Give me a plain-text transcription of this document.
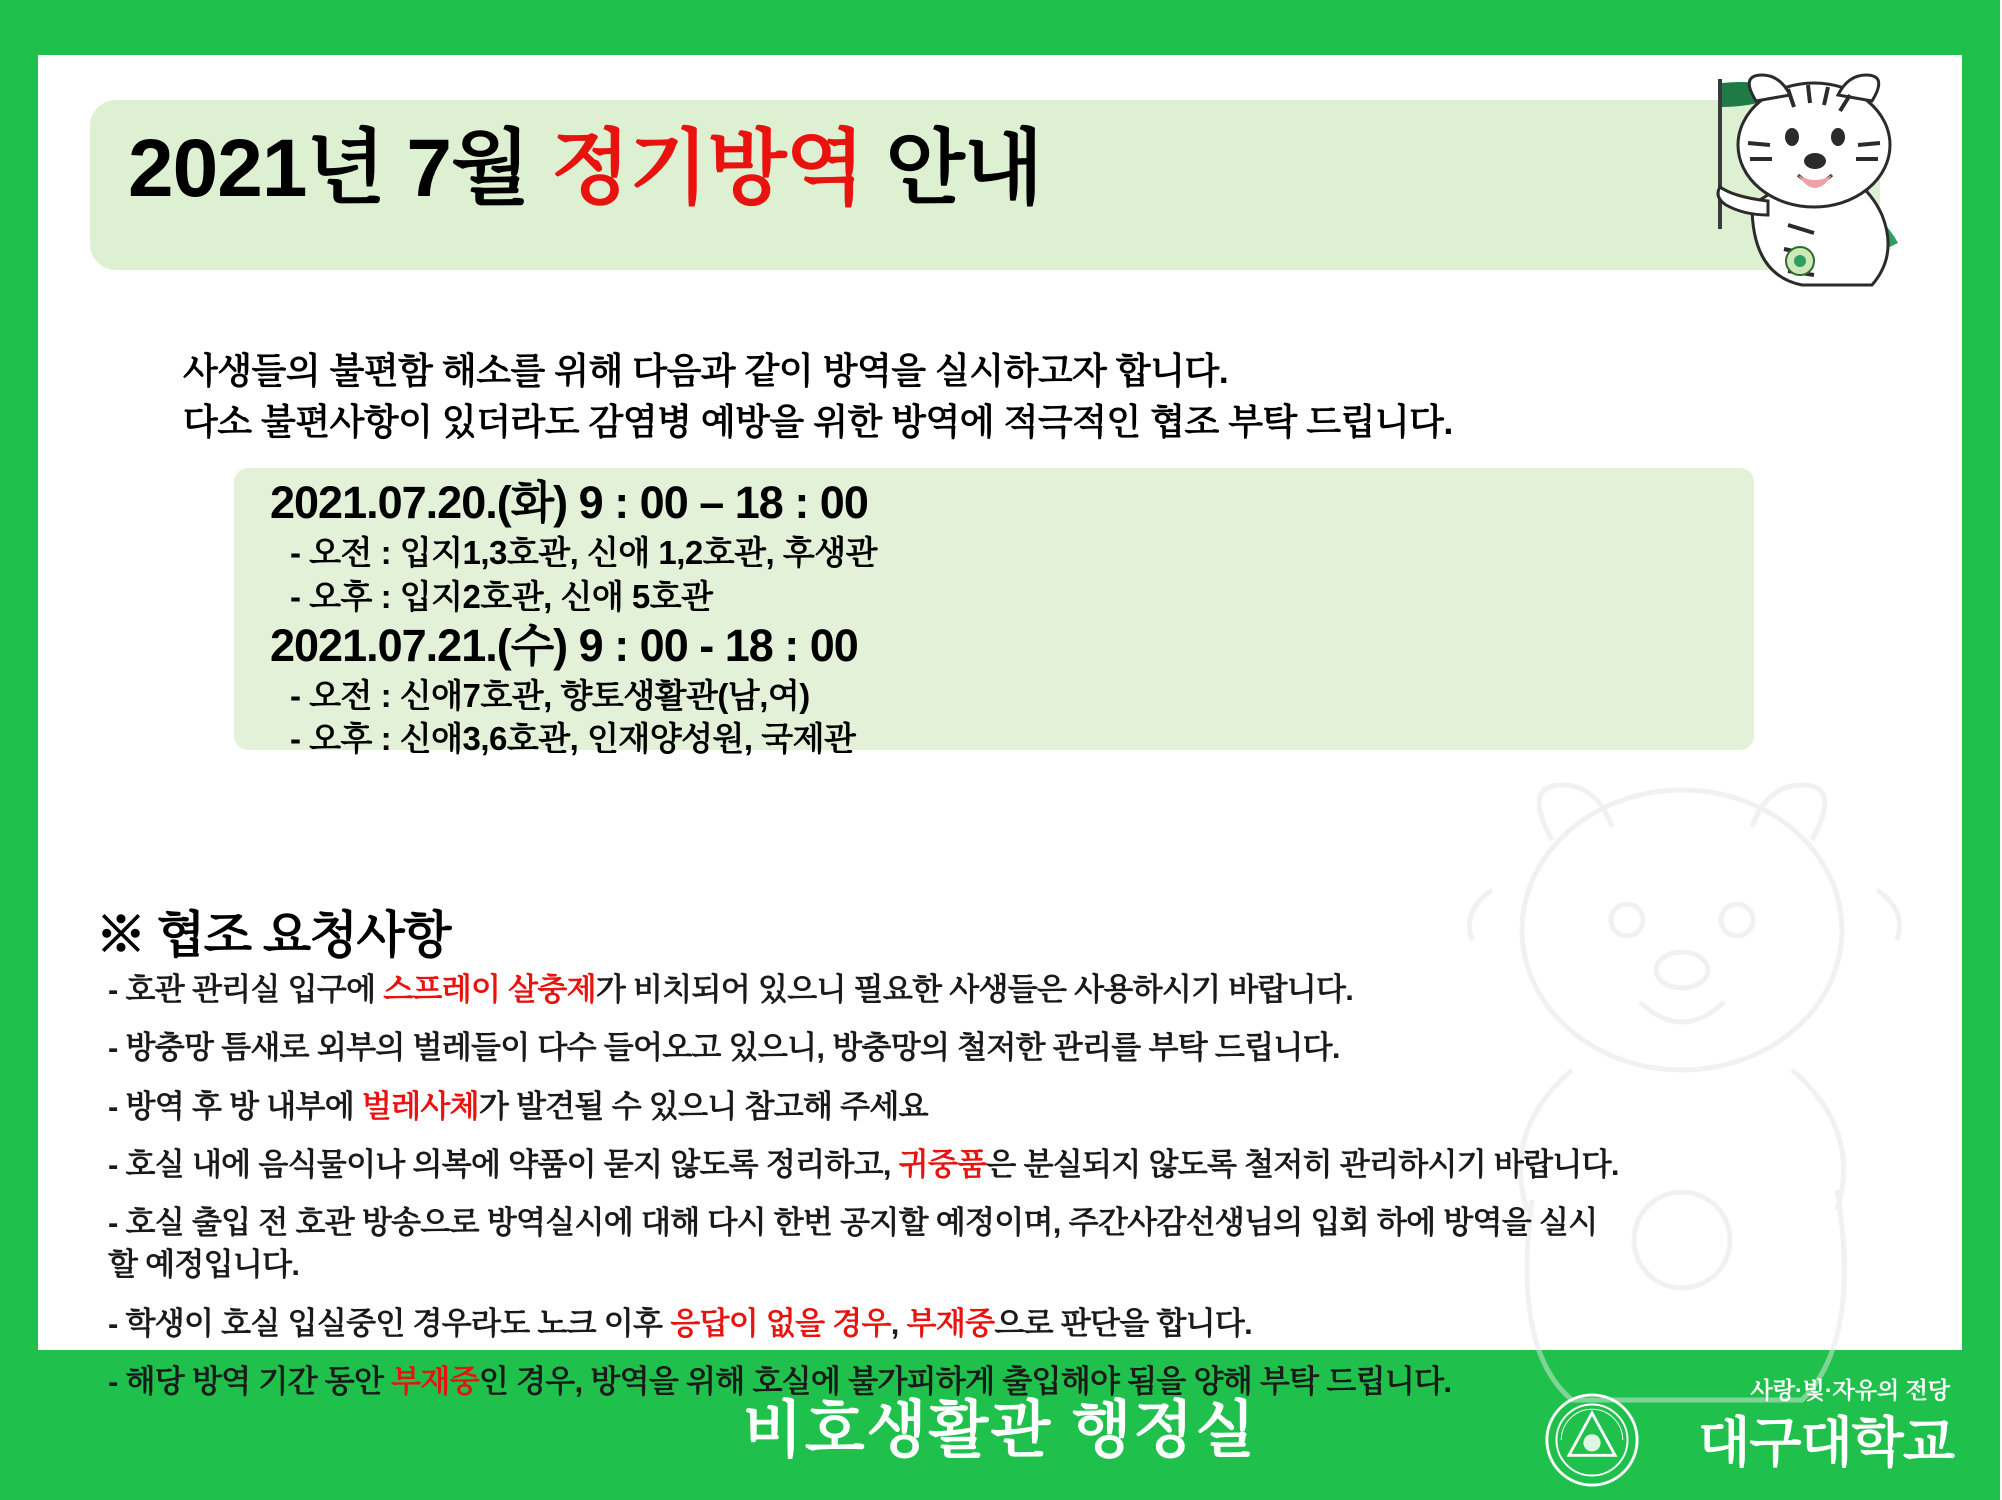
2021년 7월 정기방역 안내
사생들의 불편함 해소를 위해 다음과 같이 방역을 실시하고자 합니다.
다소 불편사항이 있더라도 감염병 예방을 위한 방역에 적극적인 협조 부탁 드립니다.
2021.07.20.(화) 9 : 00 – 18 : 00
- 오전 : 입지1,3호관, 신애 1,2호관, 후생관
- 오후 : 입지2호관, 신애 5호관
2021.07.21.(수) 9 : 00 - 18 : 00
- 오전 : 신애7호관, 향토생활관(남,여)
- 오후 : 신애3,6호관, 인재양성원, 국제관
※ 협조 요청사항
- 호관 관리실 입구에 스프레이 살충제가 비치되어 있으니 필요한 사생들은 사용하시기 바랍니다.
- 방충망 틈새로 외부의 벌레들이 다수 들어오고 있으니, 방충망의 철저한 관리를 부탁 드립니다.
- 방역 후 방 내부에 벌레사체가 발견될 수 있으니 참고해 주세요
- 호실 내에 음식물이나 의복에 약품이 묻지 않도록 정리하고, 귀중품은 분실되지 않도록 철저히 관리하시기 바랍니다.
- 호실 출입 전 호관 방송으로 방역실시에 대해 다시 한번 공지할 예정이며, 주간사감선생님의 입회 하에 방역을 실시
할 예정입니다.
- 학생이 호실 입실중인 경우라도 노크 이후 응답이 없을 경우, 부재중으로 판단을 합니다.
- 해당 방역 기간 동안 부재중인 경우, 방역을 위해 호실에 불가피하게 출입해야 됨을 양해 부탁 드립니다.
비호생활관 행정실
사랑·빛·자유의 전당
대구대학교
